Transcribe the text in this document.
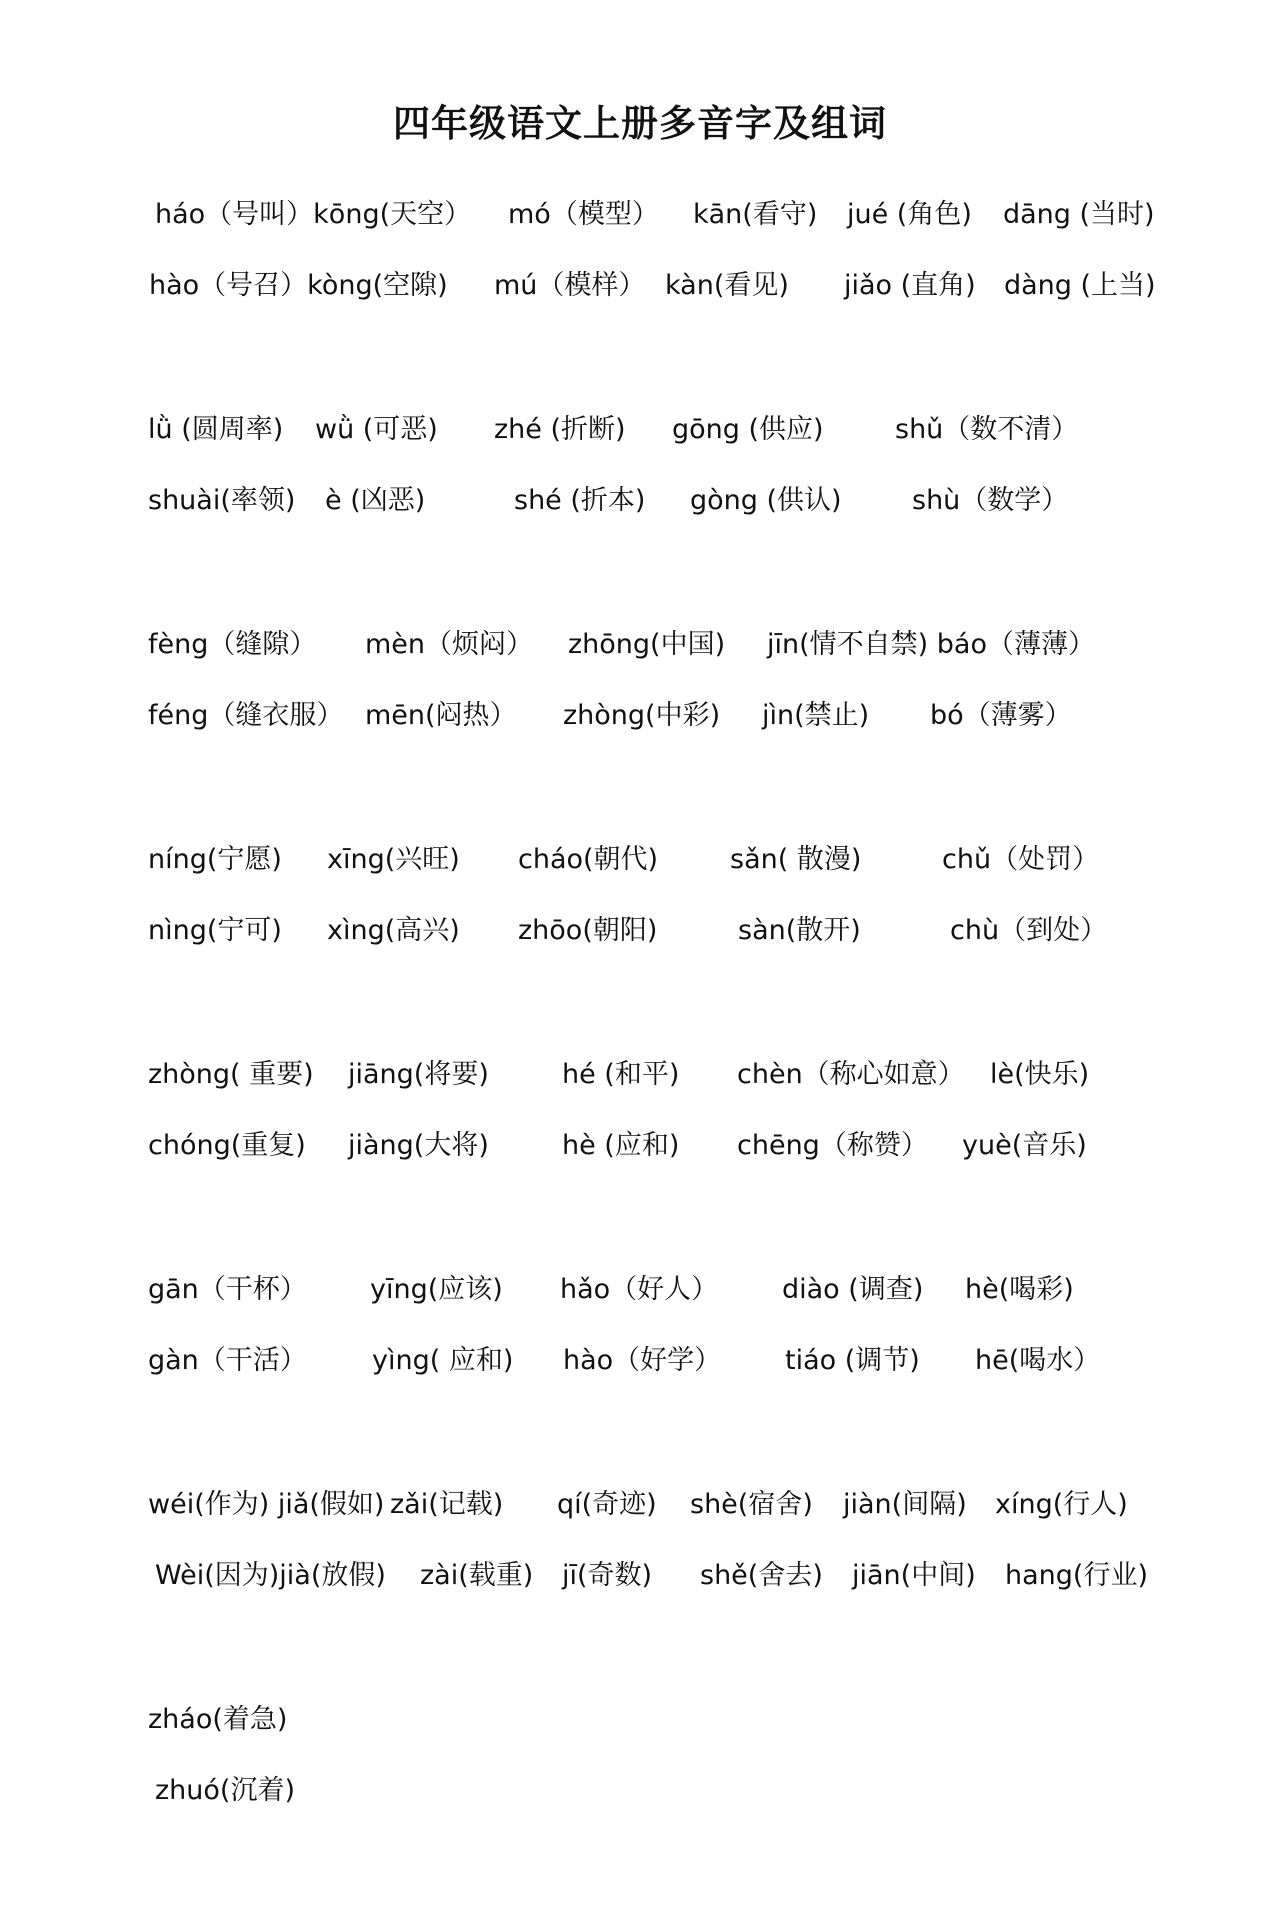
四年级语文上册多音字及组词
háo（号叫）kōng(天空） mó（模型） kān(看守) jué (角色) dāng (当时)
hào（号召）kòng(空隙) mú（模样） kàn(看见) jiǎo (直角) dàng (上当)
lǜ (圆周率) wǜ (可恶) zhé (折断) gōng (供应)	shǔ（数不清）
shuài(率领) è (凶恶)	shé (折本) gòng (供认)	shù（数学）
fèng（缝隙） mèn（烦闷） zhōng(中国) jīn(情不自禁) báo（薄薄）
féng（缝衣服） mēn(闷热） zhòng(中彩) jìn(禁止) bó（薄雾）
níng(宁愿) xīng(兴旺) cháo(朝代)	sǎn( 散漫)	chǔ（处罚）
nìng(宁可) xìng(高兴) zhōo(朝阳)	sàn(散开)	chù（到处）
zhòng( 重要) jiāng(将要)	hé (和平) chèn（称心如意） lè(快乐)
chóng(重复) jiàng(大将)	hè (应和) chēng（称赞） yuè(音乐)
gān（干杯） yīng(应该) hǎo（好人） diào (调查) hè(喝彩)
gàn（干活） yìng( 应和) hào（好学） tiáo (调节) hē(喝水）
wéi(作为) jiǎ(假如) zǎi(记载) qí(奇迹) shè(宿舍) jiàn(间隔) xíng(行人)
Wèi(因为)jià(放假) zài(载重) jī(奇数) shě(舍去) jiān(中间) hang(行业)
zháo(着急)
zhuó(沉着)
